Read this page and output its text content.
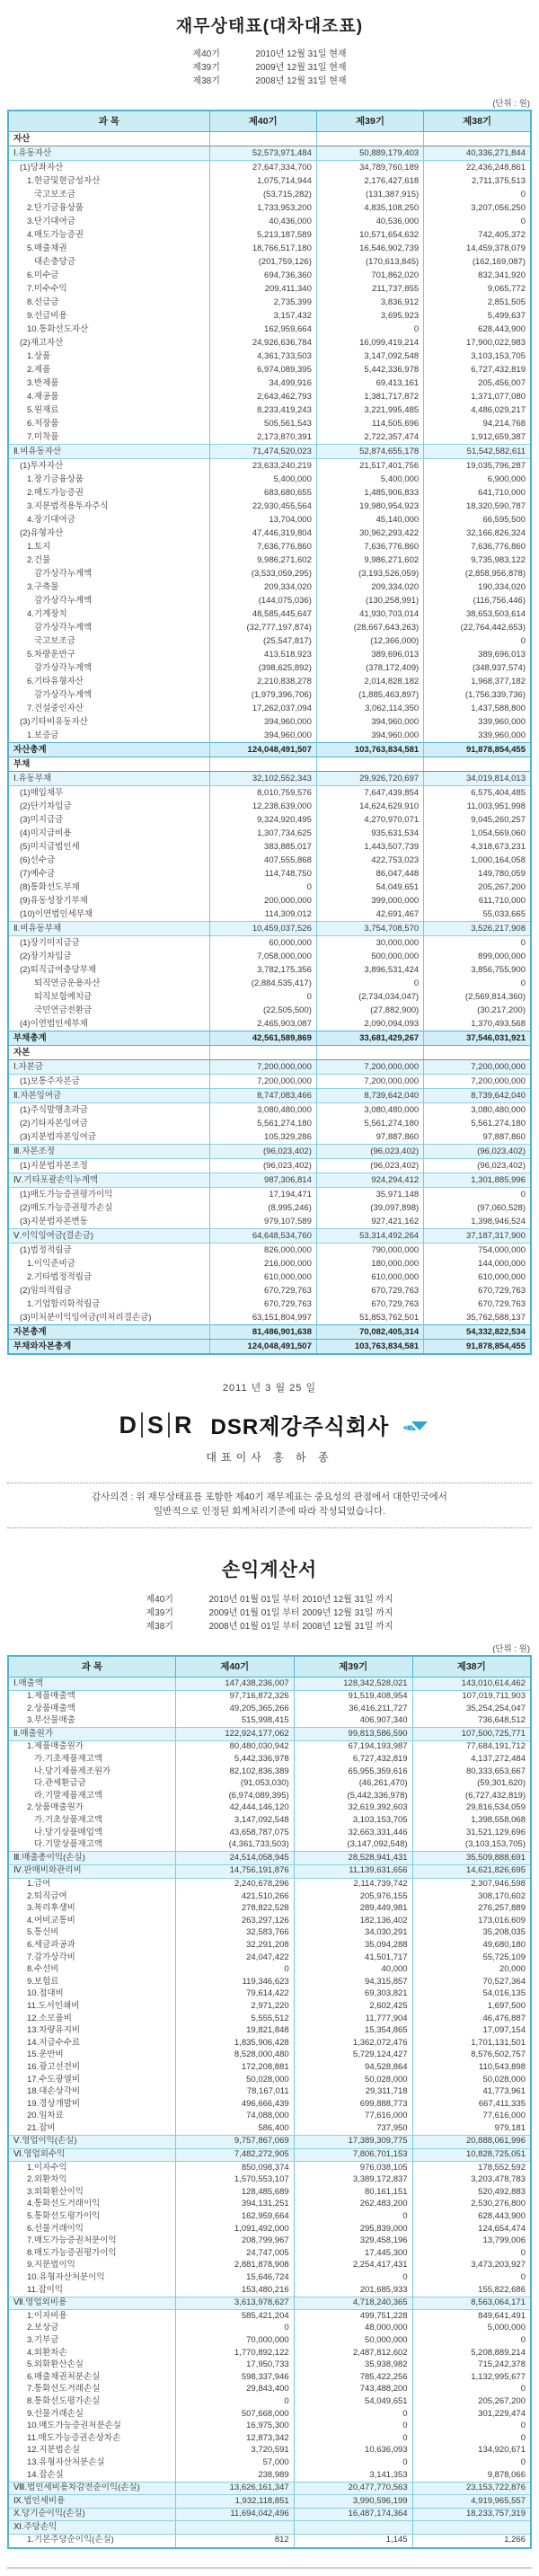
재무상태표(대차대조표)
제40기	2010년 12월 31일 현재
제39기	2009년 12월 31일 현재
제38기	2008년 12월 31일 현재
(단위 : 원)
과 목	제40기	제39기	제38기
자산			
Ⅰ.유동자산	52,573,971,484	50,889,179,403	40,336,271,844
(1)당좌자산	27,647,334,700	34,789,760,189	22,436,248,861
1.현금및현금성자산	1,075,714,944	2,176,427,618	2,711,375,513
국고보조금	(53,715,282)	(131,387,915)	0
2.단기금융상품	1,733,953,200	4,835,108,250	3,207,056,250
3.단기대여금	40,436,000	40,536,000	0
4.매도가능증권	5,213,187,589	10,571,654,632	742,405,372
5.매출채권	18,766,517,180	16,546,902,739	14,459,378,079
대손충당금	(201,759,126)	(170,613,845)	(162,169,087)
6.미수금	694,736,360	701,862,020	832,341,920
7.미수수익	209,411,340	211,737,855	9,065,772
8.선급금	2,735,399	3,836,912	2,851,505
9.선급비용	3,157,432	3,695,923	5,499,637
10.통화선도자산	162,959,664	0	628,443,900
(2)재고자산	24,926,636,784	16,099,419,214	17,900,022,983
1.상품	4,361,733,503	3,147,092,548	3,103,153,705
2.제품	6,974,089,395	5,442,336,978	6,727,432,819
3.반제품	34,499,916	69,413,161	205,456,007
4.재공품	2,643,462,793	1,381,717,872	1,371,077,080
5.원재료	8,233,419,243	3,221,995,485	4,486,029,217
6.저장품	505,561,543	114,505,696	94,214,768
7.미착품	2,173,870,391	2,722,357,474	1,912,659,387
Ⅱ.비유동자산	71,474,520,023	52,874,655,178	51,542,582,611
(1)투자자산	23,633,240,219	21,517,401,756	19,035,796,287
1.장기금융상품	5,400,000	5,400,000	6,900,000
2.매도가능증권	683,680,655	1,485,906,833	641,710,000
3.지분법적용투자주식	22,930,455,564	19,980,954,923	18,320,590,787
4.장기대여금	13,704,000	45,140,000	66,595,500
(2)유형자산	47,446,319,804	30,962,293,422	32,166,826,324
1.토지	7,636,776,860	7,636,776,860	7,636,776,860
2.건물	9,986,271,602	9,986,271,602	9,735,983,122
감가상각누계액	(3,533,059,295)	(3,193,526,059)	(2,858,956,878)
3.구축물	209,334,020	209,334,020	190,334,020
감가상각누계액	(144,075,036)	(130,258,991)	(116,756,446)
4.기계장치	48,585,445,647	41,930,703,014	38,653,503,614
감가상각누계액	(32,777,197,874)	(28,667,643,263)	(22,764,442,653)
국고보조금	(25,547,817)	(12,366,000)	0
5.차량운반구	413,518,923	389,696,013	389,696,013
감가상각누계액	(398,625,892)	(378,172,409)	(348,937,574)
6.기타유형자산	2,210,838,278	2,014,828,182	1,968,377,182
감가상각누계액	(1,979,396,706)	(1,885,463,897)	(1,756,339,736)
7.건설중인자산	17,262,037,094	3,062,114,350	1,437,588,800
(3)기타비유동자산	394,960,000	394,960,000	339,960,000
1.보증금	394,960,000	394,960,000	339,960,000
자산총계	124,048,491,507	103,763,834,581	91,878,854,455
부채			
Ⅰ.유동부채	32,102,552,343	29,926,720,697	34,019,814,013
(1)매입채무	8,010,759,576	7,647,439,854	6,575,404,485
(2)단기차입금	12,238,639,000	14,624,629,910	11,003,951,998
(3)미지급금	9,324,920,495	4,270,970,071	9,045,260,257
(4)미지급비용	1,307,734,625	935,631,534	1,054,569,060
(5)미지급법인세	383,885,017	1,443,507,739	4,318,673,231
(6)선수금	407,555,868	422,753,023	1,000,164,058
(7)예수금	114,748,750	86,047,448	149,780,059
(8)통화선도부채	0	54,049,651	205,267,200
(9)유동성장기부채	200,000,000	399,000,000	611,710,000
(10)이연법인세부채	114,309,012	42,691,467	55,033,665
Ⅱ.비유동부채	10,459,037,526	3,754,708,570	3,526,217,908
(1)장기미지급금	60,000,000	30,000,000	0
(2)장기차입금	7,058,000,000	500,000,000	899,000,000
(2)퇴직급여충당부채	3,782,175,356	3,896,531,424	3,856,755,900
퇴직연금운용자산	(2,884,535,417)	0	0
퇴직보험예치금	0	(2,734,034,047)	(2,569,814,360)
국민연금전환금	(22,505,500)	(27,882,900)	(30,217,200)
(4)이연법인세부채	2,465,903,087	2,090,094,093	1,370,493,568
부채총계	42,561,589,869	33,681,429,267	37,546,031,921
자본			
Ⅰ.자본금	7,200,000,000	7,200,000,000	7,200,000,000
(1)보통주자본금	7,200,000,000	7,200,000,000	7,200,000,000
Ⅱ.자본잉여금	8,747,083,466	8,739,642,040	8,739,642,040
(1)주식발행초과금	3,080,480,000	3,080,480,000	3,080,480,000
(2)기타자본잉여금	5,561,274,180	5,561,274,180	5,561,274,180
(3)지분법자본잉여금	105,329,286	97,887,860	97,887,860
Ⅲ.자본조정	(96,023,402)	(96,023,402)	(96,023,402)
(1)지분법자본조정	(96,023,402)	(96,023,402)	(96,023,402)
Ⅳ.기타포괄손익누계액	987,306,814	924,294,412	1,301,885,996
(1)매도가능증권평가이익	17,194,471	35,971,148	0
(2)매도가능증권평가손실	(8,995,246)	(39,097,898)	(97,060,528)
(3)지분법자본변동	979,107,589	927,421,162	1,398,946,524
Ⅴ.이익잉여금(결손금)	64,648,534,760	53,314,492,264	37,187,317,900
(1)법정적립금	826,000,000	790,000,000	754,000,000
1.이익준비금	216,000,000	180,000,000	144,000,000
2.기타법정적립금	610,000,000	610,000,000	610,000,000
(2)임의적립금	670,729,763	670,729,763	670,729,763
1.기업합리화적립금	670,729,763	670,729,763	670,729,763
(3)미처분이익잉여금(미처리결손금)	63,151,804,997	51,853,762,501	35,762,588,137
자본총계	81,486,901,638	70,082,405,314	54,332,822,534
부채와자본총계	124,048,491,507	103,763,834,581	91,878,854,455
2011 년 3 월 25 일
D S R DSR제강주식회사	상장회사
대표이사 홍 하 종
감사의견 : 위 재무상태표를 포함한 제40기 재무제표는 중요성의 관점에서 대한민국에서
일반적으로 인정된 회계처리기준에 따라 작성되었습니다.
손익계산서
제40기	2010년 01월 01일 부터 2010년 12월 31일 까지
제39기	2009년 01월 01일 부터 2009년 12월 31일 까지
제38기	2008년 01월 01일 부터 2008년 12월 31일 까지
(단위 : 원)
과 목	제40기	제39기	제38기
Ⅰ.매출액	147,438,236,007	128,342,528,021	143,010,614,462
1.제품매출액	97,716,872,326	91,519,408,954	107,019,711,903
2.상품매출액	49,205,365,266	36,416,211,727	35,254,254,047
3.부산물매출	515,998,415	406,907,340	736,648,512
Ⅱ.매출원가	122,924,177,062	99,813,586,590	107,500,725,771
1.제품매출원가	80,480,030,942	67,194,193,987	77,684,191,712
가.기초제품재고액	5,442,336,978	6,727,432,819	4,137,272,484
나.당기제품제조원가	82,102,836,389	65,955,359,616	80,333,653,667
다.관세환급금	(91,053,030)	(46,261,470)	(59,301,620)
라.기말제품재고액	(6,974,089,395)	(5,442,336,978)	(6,727,432,819)
2.상품매출원가	42,444,146,120	32,619,392,603	29,816,534,059
가.기초상품재고액	3,147,092,548	3,103,153,705	1,398,558,068
나.당기상품매입액	43,658,787,075	32,663,331,446	31,521,129,696
다.기말상품재고액	(4,361,733,503)	(3,147,092,548)	(3,103,153,705)
Ⅲ.매출총이익(손실)	24,514,058,945	28,528,941,431	35,509,888,691
Ⅳ.판매비와관리비	14,756,191,876	11,139,631,656	14,621,826,695
1.급여	2,240,678,296	2,114,739,742	2,307,946,598
2.퇴직급여	421,510,266	205,976,155	308,170,602
3.복리후생비	278,822,528	289,449,981	276,257,889
4.여비교통비	263,297,126	182,136,402	173,016,609
5.통신비	32,583,766	34,030,291	35,208,035
6.세금과공과	32,291,208	35,094,288	49,680,180
7.감가상각비	24,047,422	41,501,717	55,725,109
8.수선비	0	40,000	20,000
9.보험료	119,346,623	94,315,857	70,527,364
10.접대비	79,614,422	69,303,821	54,016,135
11.도서인쇄비	2,971,220	2,602,425	1,697,500
12.소모품비	5,555,512	11,777,904	46,476,887
13.차량유지비	19,821,848	15,354,865	17,097,154
14.지급수수료	1,835,906,428	1,362,072,476	1,701,131,501
15.운반비	8,528,000,480	5,729,124,427	8,576,502,757
16.광고선전비	172,208,881	94,528,864	110,543,898
17.수도광열비	50,028,000	50,028,000	50,028,000
18.대손상각비	78,167,011	29,311,718	41,773,961
19.경상개발비	496,666,439	699,888,773	667,411,335
20.임차료	74,088,000	77,616,000	77,616,000
21.잡비	586,400	737,950	979,181
Ⅴ.영업이익(손실)	9,757,867,069	17,389,309,775	20,888,061,996
Ⅵ.영업외수익	7,482,272,905	7,806,701,153	10,828,725,051
1.이자수익	850,098,374	976,038,105	178,552,592
2.외환차익	1,570,553,107	3,389,172,837	3,203,478,783
3.외화환산이익	128,485,689	80,161,151	520,492,883
4.통화선도거래이익	394,131,251	262,483,200	2,530,276,800
5.통화선도평가이익	162,959,664	0	628,443,900
6.선물거래이익	1,091,492,000	295,839,000	124,654,474
7.매도가능증권처분이익	208,799,967	329,458,196	13,799,006
8.매도가능증권평가이익	24,747,005	17,445,300	0
9.지분법이익	2,881,878,908	2,254,417,431	3,473,203,927
10.유형자산처분이익	15,646,724	0	0
11.잡이익	153,480,216	201,685,933	155,822,686
Ⅶ.영업외비용	3,613,978,627	4,718,240,365	8,563,064,171
1.이자비용	585,421,204	499,751,228	849,641,491
2.보상금	0	48,000,000	5,000,000
3.기부금	70,000,000	50,000,000	0
4.외환차손	1,770,892,122	2,487,812,602	5,208,889,214
5.외화환산손실	17,950,733	35,938,982	715,242,378
6.매출채권처분손실	598,337,946	785,422,256	1,132,995,677
7.통화선도거래손실	29,843,400	743,488,200	0
8.통화선도평가손실	0	54,049,651	205,267,200
9.선물거래손실	507,668,000	0	301,229,474
10.매도가능증권처분손실	16,975,300	0	0
11.매도가능증권손상차손	12,873,342	0	0
12.지분법손실	3,720,591	10,636,093	134,920,671
13.유형자산처분손실	57,000	0	0
14.잡손실	238,989	3,141,353	9,878,066
Ⅷ.법인세비용차감전순이익(손실)	13,626,161,347	20,477,770,563	23,153,722,876
Ⅸ.법인세비용	1,932,118,851	3,990,596,199	4,919,965,557
Ⅹ.당기순이익(손실)	11,694,042,496	16,487,174,364	18,233,757,319
Ⅺ.주당손익			
1.기본주당순이익(손실)	812	1,145	1,266
